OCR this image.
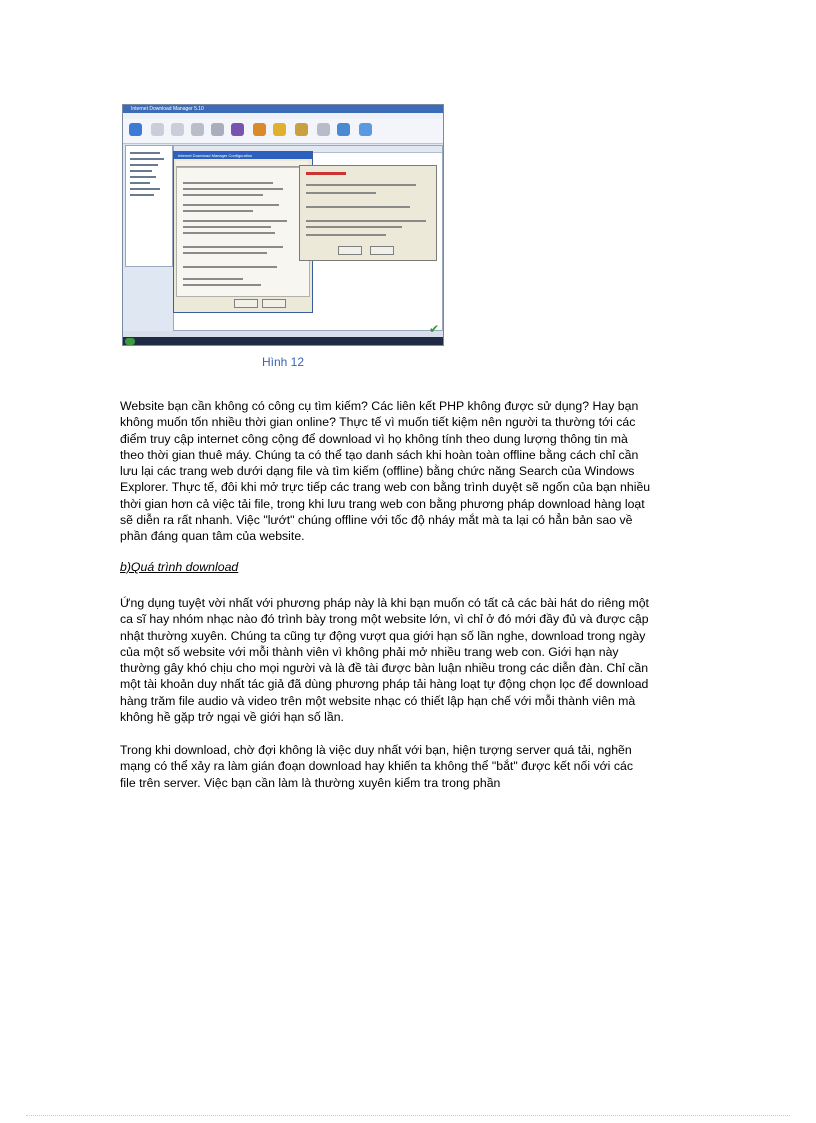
Internet Download Manager 5.10
Internet Download Manager Configuration
✔
Hình 12
Website bạn cần không có công cụ tìm kiếm? Các liên kết PHP không được sử dụng? Hay bạn
không muốn tốn nhiều thời gian online? Thực tế vì muốn tiết kiệm nên người ta thường tới các
điểm truy cập internet công cộng để download vì họ không tính theo dung lượng thông tin mà
theo thời gian thuê máy. Chúng ta có thể tạo danh sách khi hoàn toàn offline bằng cách chỉ cần
lưu lại các trang web dưới dạng file và tìm kiếm (offline) bằng chức năng Search của Windows
Explorer. Thực tế, đôi khi mở trực tiếp các trang web con bằng trình duyệt sẽ ngốn của bạn nhiều
thời gian hơn cả việc tải file, trong khi lưu trang web con bằng phương pháp download hàng loạt
sẽ diễn ra rất nhanh. Việc "lướt" chúng offline với tốc độ nháy mắt mà ta lại có hẳn bản sao về
phần đáng quan tâm của website.
b)Quá trình download
Ứng dụng tuyệt vời nhất với phương pháp này là khi bạn muốn có tất cả các bài hát do riêng một
ca sĩ hay nhóm nhạc nào đó trình bày trong một website lớn, vì chỉ ở đó mới đầy đủ và được cập
nhật thường xuyên. Chúng ta cũng tự động vượt qua giới hạn số lần nghe, download trong ngày
của một số website với mỗi thành viên vì không phải mở nhiều trang web con. Giới hạn này
thường gây khó chịu cho mọi người và là đề tài được bàn luận nhiều trong các diễn đàn. Chỉ cần
một tài khoản duy nhất tác giả đã dùng phương pháp tải hàng loạt tự động chọn lọc để download
hàng trăm file audio và video trên một website nhạc có thiết lập hạn chế với mỗi thành viên mà
không hề gặp trở ngại về giới hạn số lần.
Trong khi download, chờ đợi không là việc duy nhất với bạn, hiện tượng server quá tải, nghẽn
mạng có thể xảy ra làm gián đoạn download hay khiến ta không thể "bắt" được kết nối với các
file trên server. Việc bạn cần làm là thường xuyên kiểm tra trong phần
